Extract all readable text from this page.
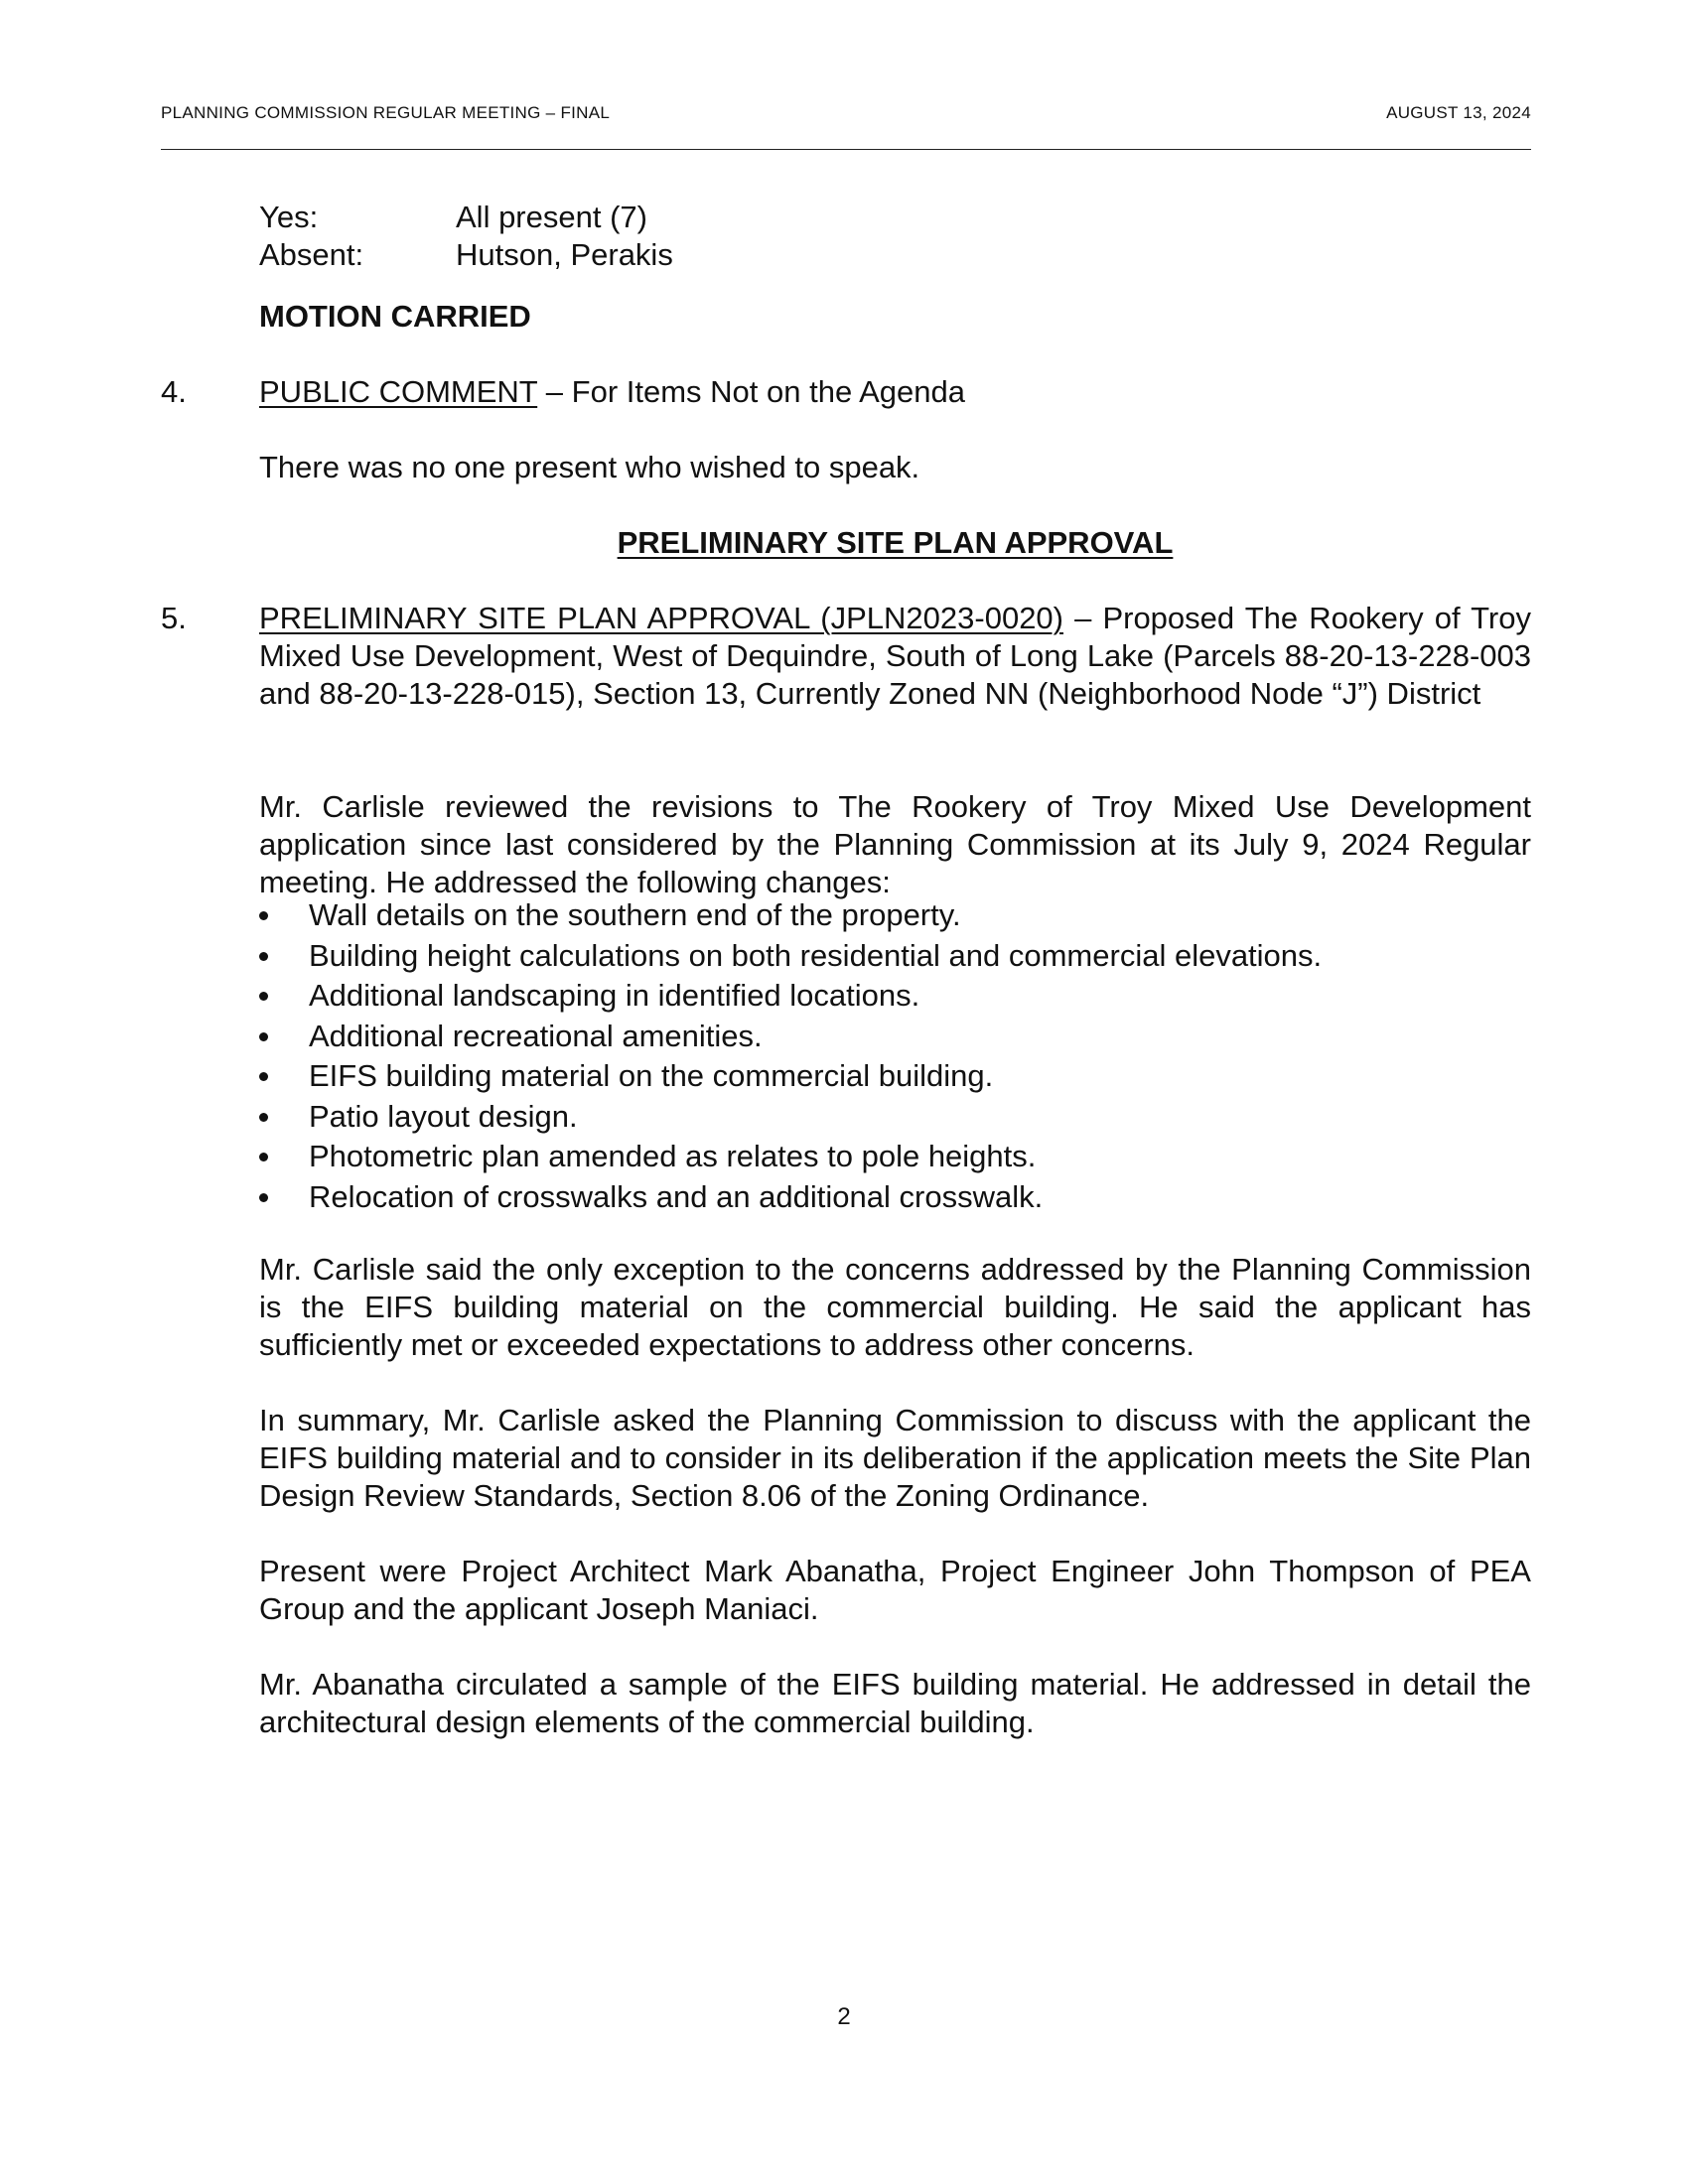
PLANNING COMMISSION REGULAR MEETING – FINAL	AUGUST 13, 2024
Yes:	All present (7)
Absent:	Hutson, Perakis
MOTION CARRIED
4. PUBLIC COMMENT – For Items Not on the Agenda
There was no one present who wished to speak.
PRELIMINARY SITE PLAN APPROVAL
5. PRELIMINARY SITE PLAN APPROVAL (JPLN2023-0020) – Proposed The Rookery of Troy Mixed Use Development, West of Dequindre, South of Long Lake (Parcels 88-20-13-228-003 and 88-20-13-228-015), Section 13, Currently Zoned NN (Neighborhood Node “J”) District
Mr. Carlisle reviewed the revisions to The Rookery of Troy Mixed Use Development application since last considered by the Planning Commission at its July 9, 2024 Regular meeting. He addressed the following changes:
Wall details on the southern end of the property.
Building height calculations on both residential and commercial elevations.
Additional landscaping in identified locations.
Additional recreational amenities.
EIFS building material on the commercial building.
Patio layout design.
Photometric plan amended as relates to pole heights.
Relocation of crosswalks and an additional crosswalk.
Mr. Carlisle said the only exception to the concerns addressed by the Planning Commission is the EIFS building material on the commercial building. He said the applicant has sufficiently met or exceeded expectations to address other concerns.
In summary, Mr. Carlisle asked the Planning Commission to discuss with the applicant the EIFS building material and to consider in its deliberation if the application meets the Site Plan Design Review Standards, Section 8.06 of the Zoning Ordinance.
Present were Project Architect Mark Abanatha, Project Engineer John Thompson of PEA Group and the applicant Joseph Maniaci.
Mr. Abanatha circulated a sample of the EIFS building material. He addressed in detail the architectural design elements of the commercial building.
2
